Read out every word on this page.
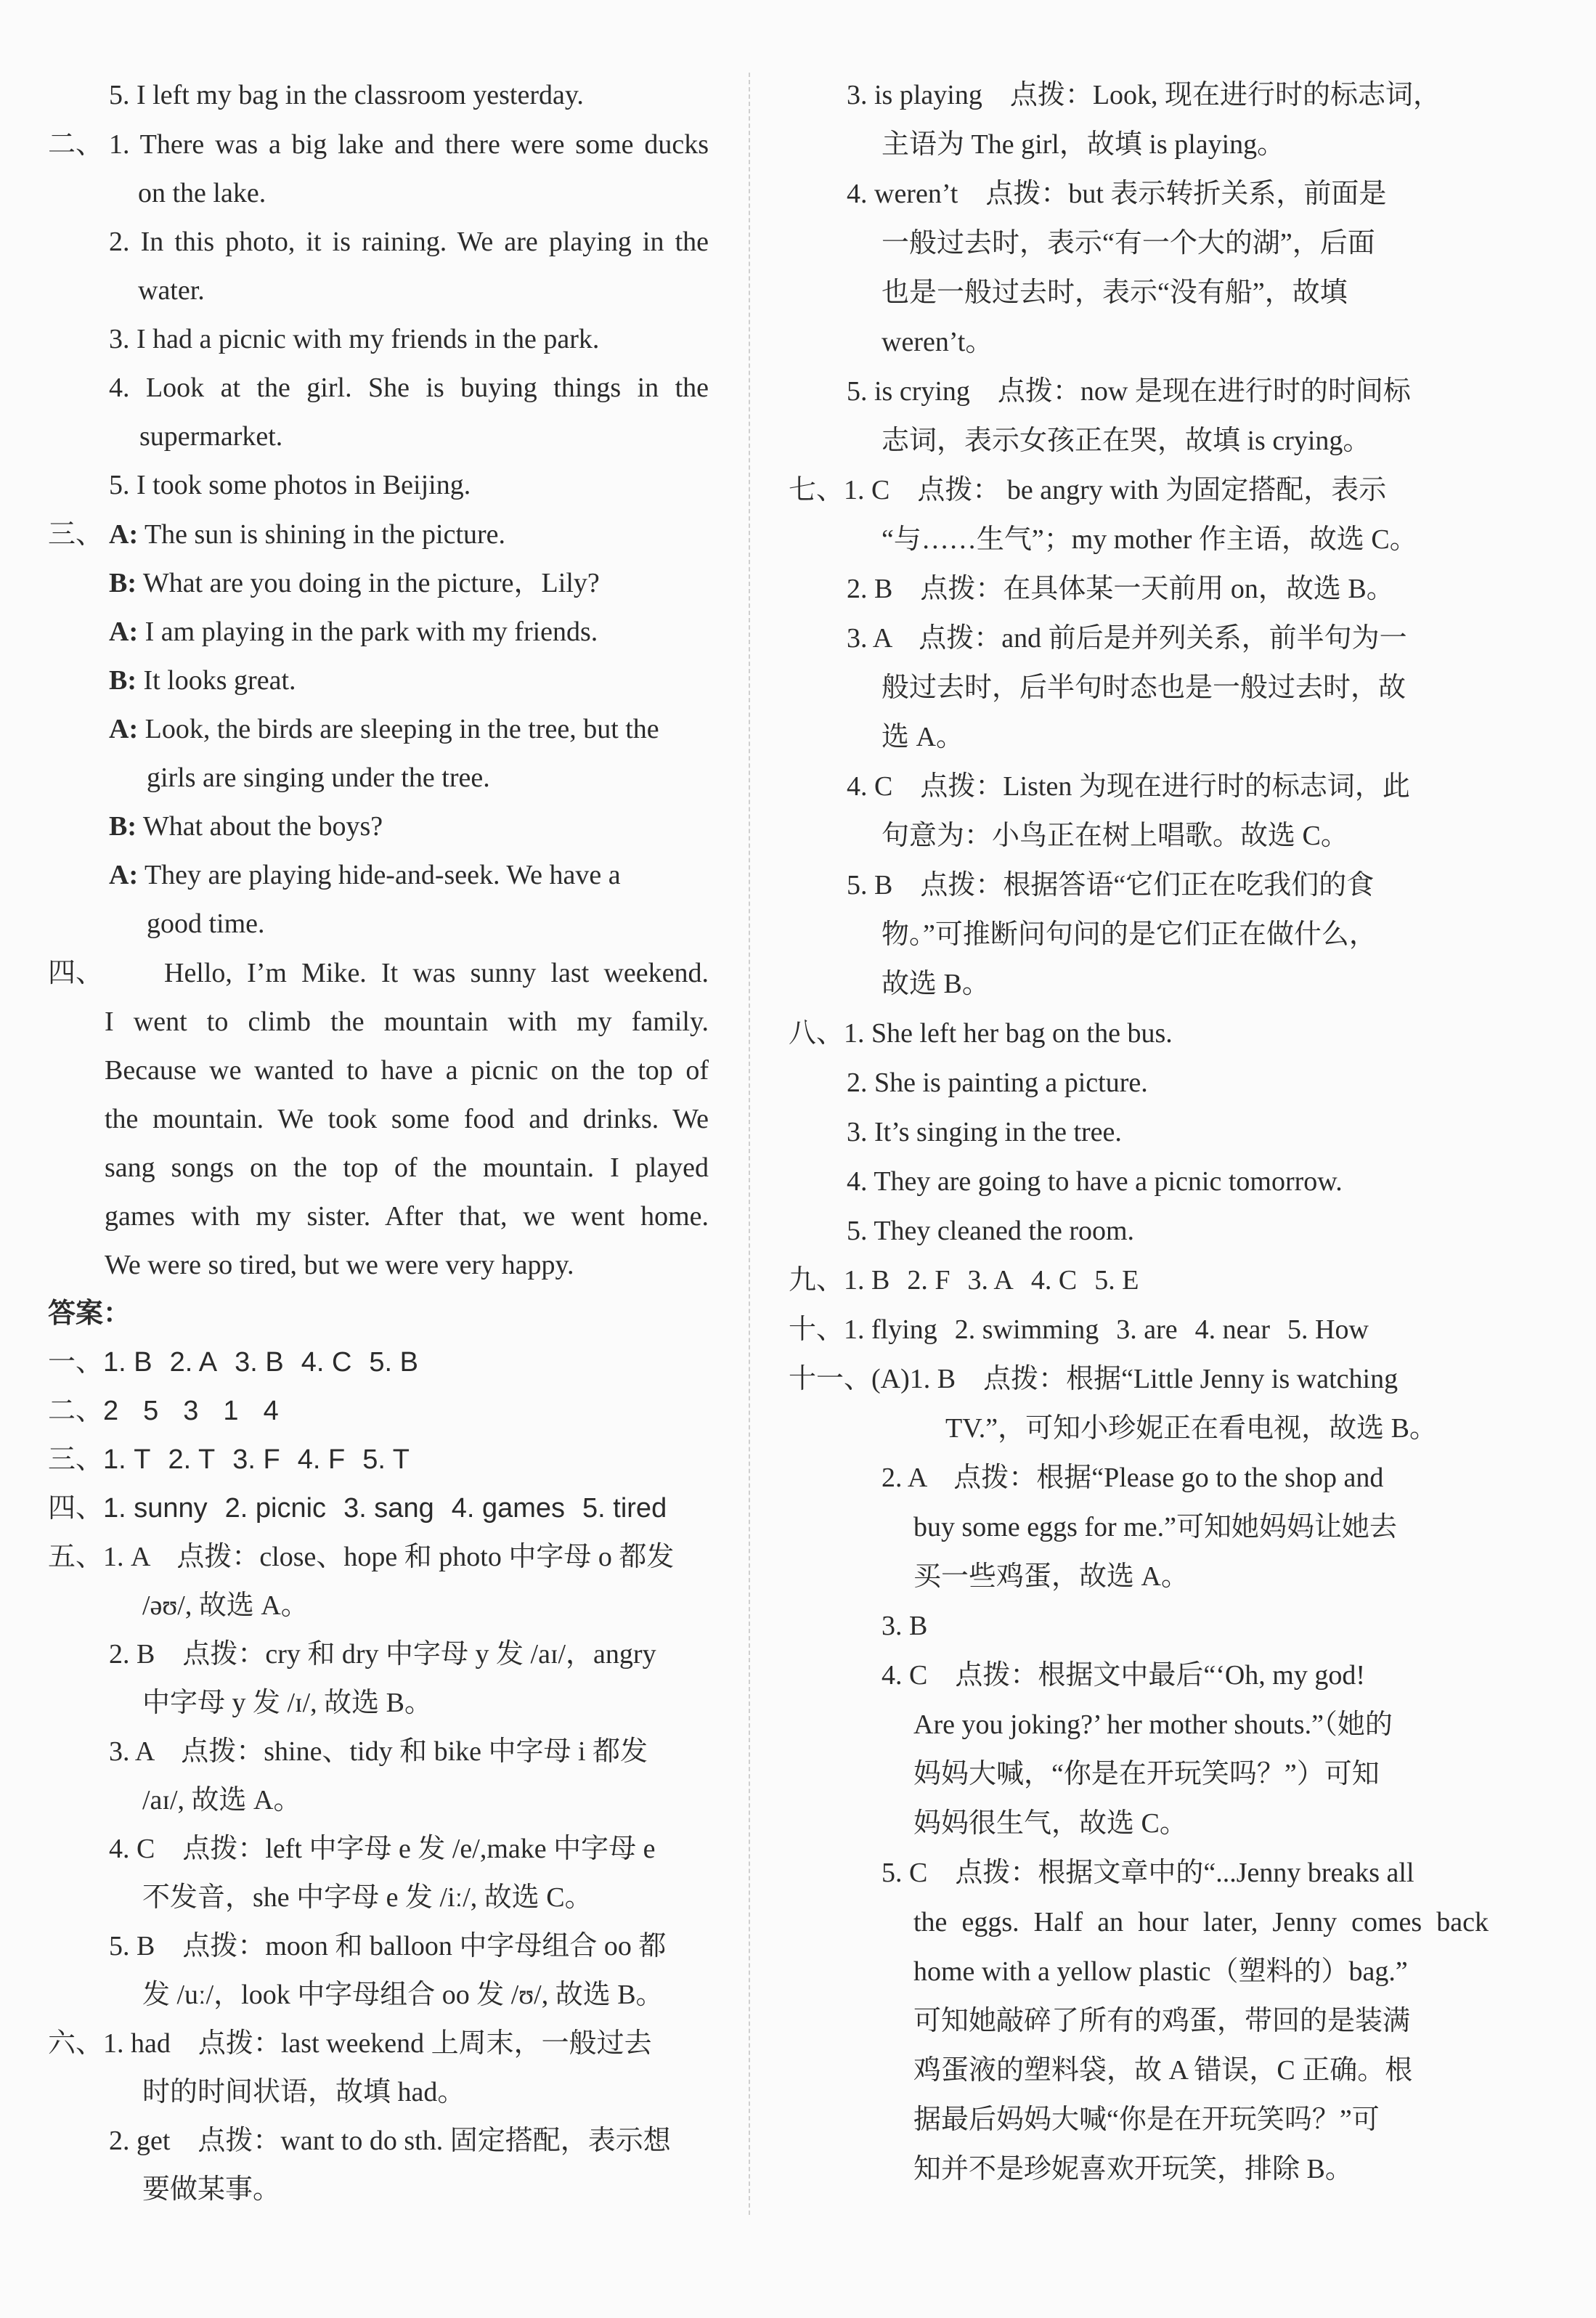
5. I left my bag in the classroom yesterday.
二、 1. There was a big lake and there were some ducks
on the lake.
2. In this photo, it is raining. We are playing in the
water.
3. I had a picnic with my friends in the park.
4. Look at the girl. She is buying things in the
supermarket.
5. I took some photos in Beijing.
三、 A: The sun is shining in the picture.
B: What are you doing in the picture，Lily?
A: I am playing in the park with my friends.
B: It looks great.
A: Look, the birds are sleeping in the tree, but the
girls are singing under the tree.
B: What about the boys?
A: They are playing hide-and-seek. We have a
good time.
四、 Hello, I’m Mike. It was sunny last weekend.
I went to climb the mountain with my family.
Because we wanted to have a picnic on the top of
the mountain. We took some food and drinks. We
sang songs on the top of the mountain. I played
games with my sister. After that, we went home.
We were so tired, but we were very happy.
答案：
一、1. B 2. A 3. B 4. C 5. B
二、2 5 3 1 4
三、1. T 2. T 3. F 4. F 5. T
四、1. sunny 2. picnic 3. sang 4. games 5. tired
五、1. A　点拨：close、hope 和 photo 中字母 o 都发
/əʊ/, 故选 A。
2. B　点拨：cry 和 dry 中字母 y 发 /aɪ/，angry
中字母 y 发 /ɪ/, 故选 B。
3. A　点拨：shine、tidy 和 bike 中字母 i 都发
/aɪ/, 故选 A。
4. C　点拨：left 中字母 e 发 /e/,make 中字母 e
不发音，she 中字母 e 发 /iː/, 故选 C。
5. B　点拨：moon 和 balloon 中字母组合 oo 都
发 /uː/，look 中字母组合 oo 发 /ʊ/, 故选 B。
六、1. had　点拨：last weekend 上周末，一般过去
时的时间状语，故填 had。
2. get　点拨：want to do sth. 固定搭配，表示想
要做某事。
3. is playing　点拨：Look, 现在进行时的标志词，
主语为 The girl，故填 is playing。
4. weren’t　点拨：but 表示转折关系，前面是
一般过去时，表示“有一个大的湖”，后面
也是一般过去时，表示“没有船”，故填
weren’t。
5. is crying　点拨：now 是现在进行时的时间标
志词，表示女孩正在哭，故填 is crying。
七、1. C　点拨： be angry with 为固定搭配，表示
“与……生气”；my mother 作主语，故选 C。
2. B　点拨：在具体某一天前用 on，故选 B。
3. A　点拨：and 前后是并列关系，前半句为一
般过去时，后半句时态也是一般过去时，故
选 A。
4. C　点拨：Listen 为现在进行时的标志词，此
句意为：小鸟正在树上唱歌。故选 C。
5. B　点拨：根据答语“它们正在吃我们的食
物。”可推断问句问的是它们正在做什么，
故选 B。
八、1. She left her bag on the bus.
2. She is painting a picture.
3. It’s singing in the tree.
4. They are going to have a picnic tomorrow.
5. They cleaned the room.
九、1. B 2. F 3. A 4. C 5. E
十、1. flying 2. swimming 3. are 4. near 5. How
十一、(A)1. B　点拨：根据“Little Jenny is watching
TV.”，可知小珍妮正在看电视，故选 B。
2. A　点拨：根据“Please go to the shop and
buy some eggs for me.”可知她妈妈让她去
买一些鸡蛋，故选 A。
3. B
4. C　点拨：根据文中最后“‘Oh, my god!
Are you joking?’ her mother shouts.”（她的
妈妈大喊，“你是在开玩笑吗？”）可知
妈妈很生气，故选 C。
5. C　点拨：根据文章中的“...Jenny breaks all
the eggs. Half an hour later, Jenny comes back
home with a yellow plastic（塑料的）bag.”
可知她敲碎了所有的鸡蛋，带回的是装满
鸡蛋液的塑料袋，故 A 错误，C 正确。根
据最后妈妈大喊“你是在开玩笑吗？”可
知并不是珍妮喜欢开玩笑，排除 B。
